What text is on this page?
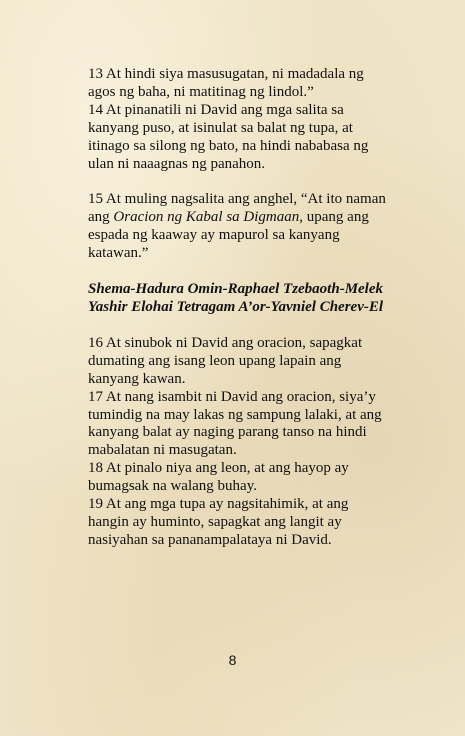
13 At hindi siya masusugatan, ni madadala ng agos ng baha, ni matitinag ng lindol.”

14 At pinanatili ni David ang mga salita sa kanyang puso, at isinulat sa balat ng tupa, at itinago sa silong ng bato, na hindi nababasa ng ulan ni naaagnas ng panahon.

15 At muling nagsalita ang anghel, “At ito naman ang Oracion ng Kabal sa Digmaan, upang ang espada ng kaaway ay mapurol sa kanyang katawan.”

Shema-Hadura Omin-Raphael Tzebaoth-Melek Yashir Elohai Tetragam A’or-Yavniel Cherev-El

16 At sinubok ni David ang oracion, sapagkat dumating ang isang leon upang lapain ang kanyang kawan.

17 At nang isambit ni David ang oracion, siya’y tumindig na may lakas ng sampung lalaki, at ang kanyang balat ay naging parang tanso na hindi mabalatan ni masugatan.

18 At pinalo niya ang leon, at ang hayop ay bumagsak na walang buhay.

19 At ang mga tupa ay nagsitahimik, at ang hangin ay huminto, sapagkat ang langit ay nasiyahan sa pananampalataya ni David.

8
